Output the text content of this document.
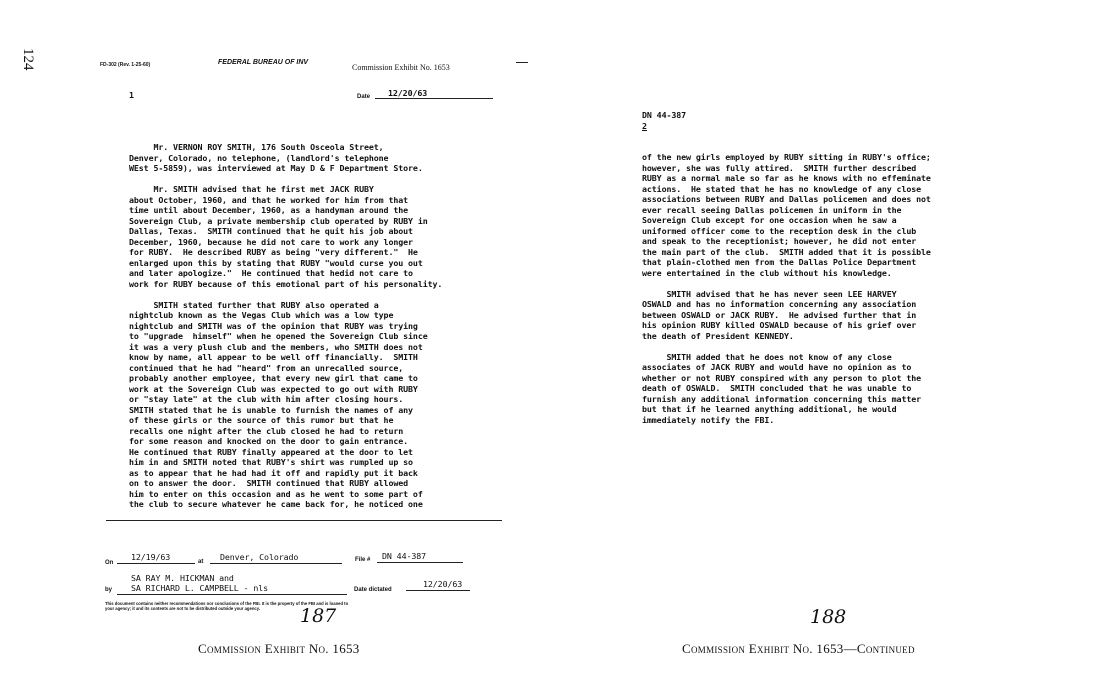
124	FD-302 (Rev. 1-25-60)	FEDERAL BUREAU OF INV
Commission Exhibit No. 1653
1	Date 12/20/63
Mr. VERNON ROY SMITH, 176 South Osceola Street,
Denver, Colorado, no telephone, (landlord's telephone
WEst 5-5859), was interviewed at May D & F Department Store.

Mr. SMITH advised that he first met JACK RUBY
about October, 1960, and that he worked for him from that
time until about December, 1960, as a handyman around the
Sovereign Club, a private membership club operated by RUBY in
Dallas, Texas.  SMITH continued that he quit his job about
December, 1960, because he did not care to work any longer
for RUBY.  He described RUBY as being "very different."  He
enlarged upon this by stating that RUBY "would curse you out
and later apologize."  He continued that hedid not care to
work for RUBY because of this emotional part of his personality.

SMITH stated further that RUBY also operated a
nightclub known as the Vegas Club which was a low type
nightclub and SMITH was of the opinion that RUBY was trying
to "upgrade  himself" when he opened the Sovereign Club since
it was a very plush club and the members, who SMITH does not
know by name, all appear to be well off financially.  SMITH
continued that he had "heard" from an unrecalled source,
probably another employee, that every new girl that came to
work at the Sovereign Club was expected to go out with RUBY
or "stay late" at the club with him after closing hours.
SMITH stated that he is unable to furnish the names of any
of these girls or the source of this rumor but that he
recalls one night after the club closed he had to return
for some reason and knocked on the door to gain entrance.
He continued that RUBY finally appeared at the door to let
him in and SMITH noted that RUBY's shirt was rumpled up so
as to appear that he had had it off and rapidly put it back
on to answer the door.  SMITH continued that RUBY allowed
him to enter on this occasion and as he went to some part of
the club to secure whatever he came back for, he noticed one
On
12/19/63	at Denver, Colorado	File # DN 44-387
SA RAY M. HICKMAN and
by SA RICHARD L. CAMPBELL - nls	Date dictated
12/20/63
This document contains neither recommendations nor conclusions of the FBI. It is the property of the FBI and is loaned to
your agency; it and its contents are not to be distributed outside your agency. 187
Commission Exhibit No. 1653
DN 44-387
2
of the new girls employed by RUBY sitting in RUBY's office;
however, she was fully attired.  SMITH further described
RUBY as a normal male so far as he knows with no effeminate
actions.  He stated that he has no knowledge of any close
associations between RUBY and Dallas policemen and does not
ever recall seeing Dallas policemen in uniform in the
Sovereign Club except for one occasion when he saw a
uniformed officer come to the reception desk in the club
and speak to the receptionist; however, he did not enter
the main part of the club.  SMITH added that it is possible
that plain-clothed men from the Dallas Police Department
were entertained in the club without his knowledge.

SMITH advised that he has never seen LEE HARVEY
OSWALD and has no information concerning any association
between OSWALD or JACK RUBY.  He advised further that in
his opinion RUBY killed OSWALD because of his grief over
the death of President KENNEDY.

SMITH added that he does not know of any close
associates of JACK RUBY and would have no opinion as to
whether or not RUBY conspired with any person to plot the
death of OSWALD.  SMITH concluded that he was unable to
furnish any additional information concerning this matter
but that if he learned anything additional, he would
immediately notify the FBI.
188
Commission Exhibit No. 1653—Continued
